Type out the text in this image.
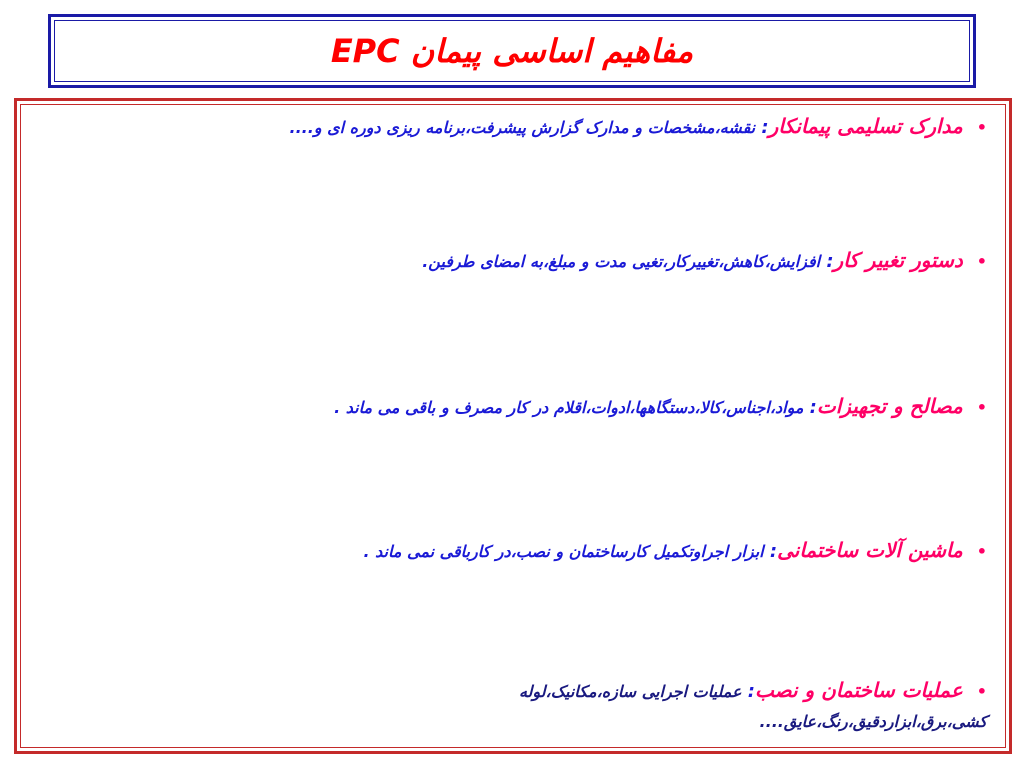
مفاهیم اساسی پیمان EPC

•مدارک تسلیمی پیمانکار: نقشه،مشخصات و مدارک گزارش پیشرفت،برنامه ریزی دوره ای و....

•دستور تغییر کار: افزایش،کاهش،تغییرکار،تغیی مدت و مبلغ،به امضای طرفین.

•مصالح و تجهیزات: مواد،اجناس،کالا،دستگاهها،ادوات،اقلام در کار مصرف و باقی می ماند .

•ماشین آلات ساختمانی: ابزار اجراوتکمیل کارساختمان و نصب،در کارباقی نمی ماند .

•عملیات ساختمان و نصب: عملیات اجرایی سازه،مکانیک،لوله کشی،برق،ابزاردقیق،رنگ،عایق....
